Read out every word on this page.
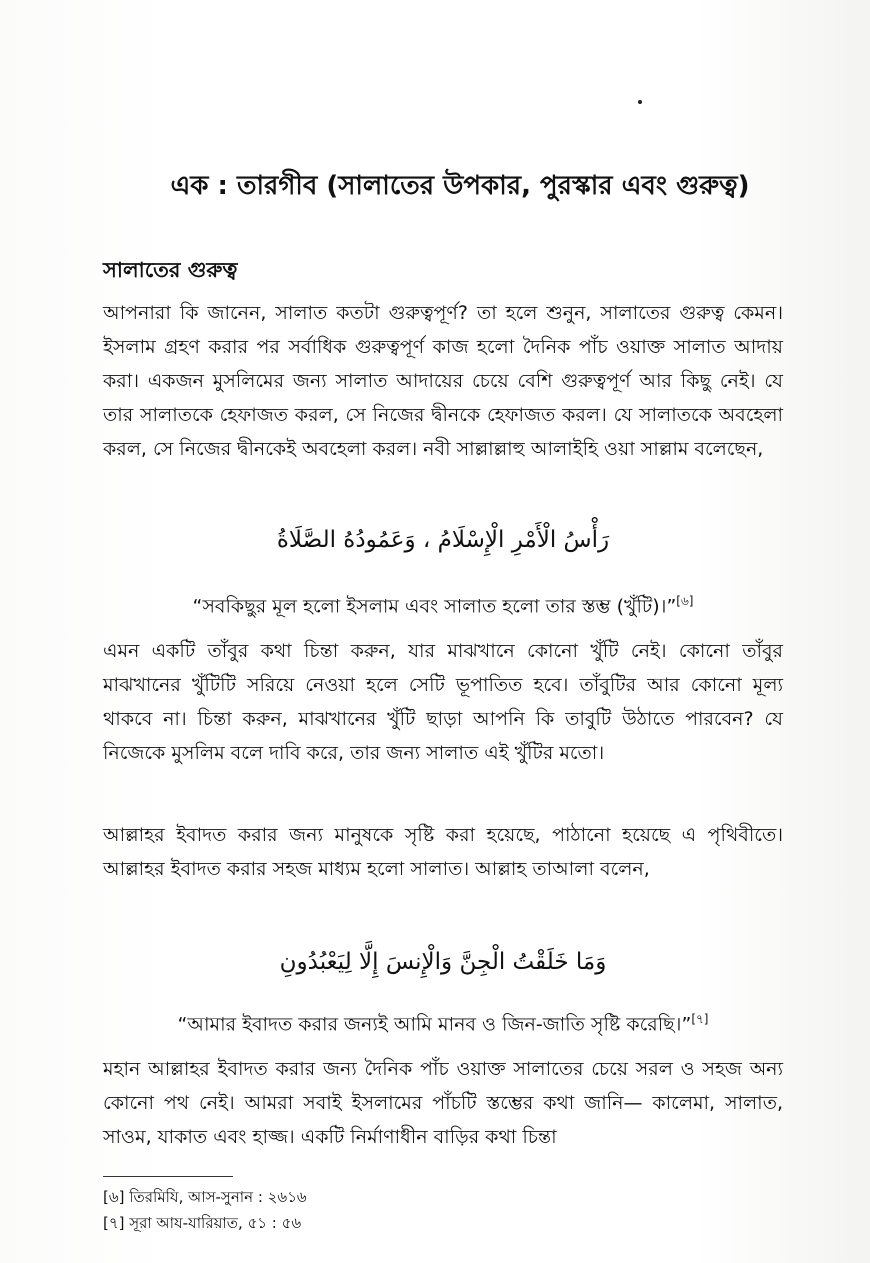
এক : তারগীব (সালাতের উপকার, পুরস্কার এবং গুরুত্ব)
সালাতের গুরুত্ব

আপনারা কি জানেন, সালাত কতটা গুরুত্বপূর্ণ? তা হলে শুনুন, সালাতের গুরুত্ব কেমন। ইসলাম গ্রহণ করার পর সর্বাধিক গুরুত্বপূর্ণ কাজ হলো দৈনিক পাঁচ ওয়াক্ত সালাত আদায় করা। একজন মুসলিমের জন্য সালাত আদায়ের চেয়ে বেশি গুরুত্বপূর্ণ আর কিছু নেই। যে তার সালাতকে হেফাজত করল, সে নিজের দ্বীনকে হেফাজত করল। যে সালাতকে অবহেলা করল, সে নিজের দ্বীনকেই অবহেলা করল। নবী সাল্লাল্লাহু আলাইহি ওয়া সাল্লাম বলেছেন,

رَأْسُ الْأَمْرِ الْإِسْلَامُ ، وَعَمُودُهُ الصَّلَاةُ

“সবকিছুর মূল হলো ইসলাম এবং সালাত হলো তার স্তম্ভ (খুঁটি)।”[৬]

এমন একটি তাঁবুর কথা চিন্তা করুন, যার মাঝখানে কোনো খুঁটি নেই। কোনো তাঁবুর মাঝখানের খুঁটিটি সরিয়ে নেওয়া হলে সেটি ভূপাতিত হবে। তাঁবুটির আর কোনো মূল্য থাকবে না। চিন্তা করুন, মাঝখানের খুঁটি ছাড়া আপনি কি তাবুটি উঠাতে পারবেন? যে নিজেকে মুসলিম বলে দাবি করে, তার জন্য সালাত এই খুঁটির মতো।

আল্লাহর ইবাদত করার জন্য মানুষকে সৃষ্টি করা হয়েছে, পাঠানো হয়েছে এ পৃথিবীতে। আল্লাহর ইবাদত করার সহজ মাধ্যম হলো সালাত। আল্লাহ তাআলা বলেন,

وَمَا خَلَقْتُ الْجِنَّ وَالْإِنسَ إِلَّا لِيَعْبُدُونِ

“আমার ইবাদত করার জন্যই আমি মানব ও জিন-জাতি সৃষ্টি করেছি।”[৭]

মহান আল্লাহর ইবাদত করার জন্য দৈনিক পাঁচ ওয়াক্ত সালাতের চেয়ে সরল ও সহজ অন্য কোনো পথ নেই। আমরা সবাই ইসলামের পাঁচটি স্তম্ভের কথা জানি— কালেমা, সালাত, সাওম, যাকাত এবং হাজ্জ। একটি নির্মাণাধীন বাড়ির কথা চিন্তা

[৬] তিরমিযি, আস-সুনান : ২৬১৬

[৭] সূরা আয-যারিয়াত, ৫১ : ৫৬
